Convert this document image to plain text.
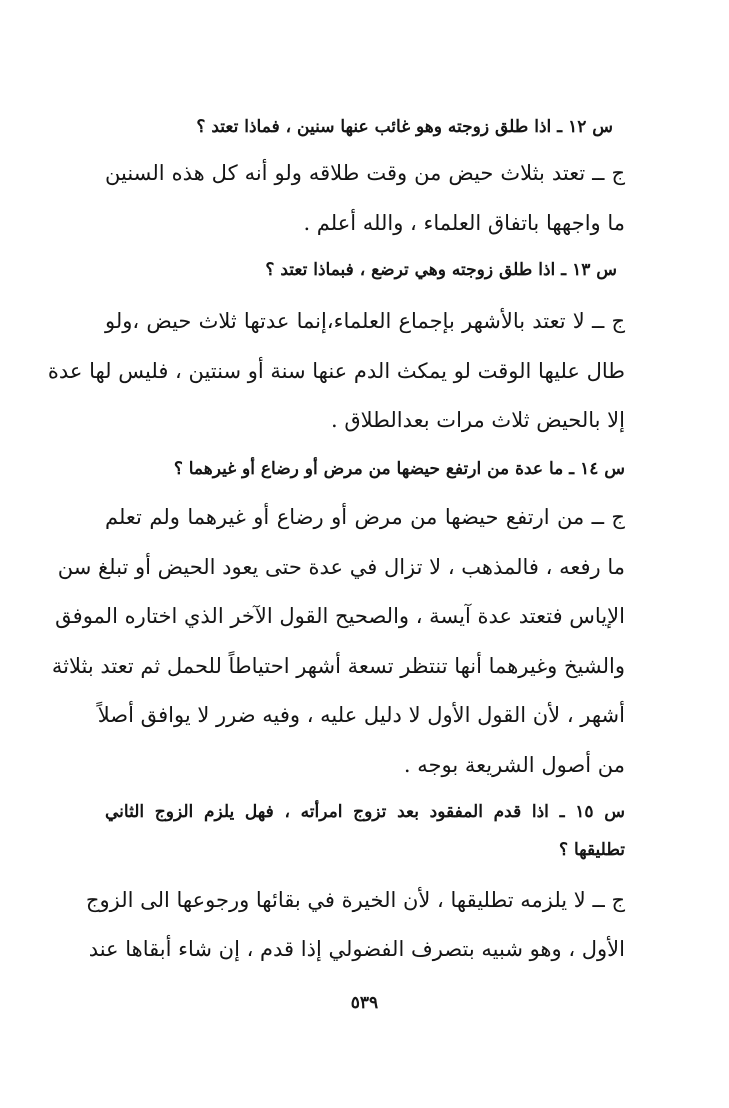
س ١٢ ـ اذا طلق زوجته وهو غائب عنها سنين ، فماذا تعتد ؟
ج ــ تعتد بثلاث حيض من وقت طلاقه ولو أنه كل هذه السنين
ما واجهها باتفاق العلماء ، والله أعلم .
س ١٣ ـ اذا طلق زوجته وهي ترضع ، فبماذا تعتد ؟
ج ــ لا تعتد بالأشهر بإجماع العلماء،إنما عدتها ثلاث حيض ،ولو
طال عليها الوقت لو يمكث الدم عنها سنة أو سنتين ، فليس لها عدة
إلا بالحيض ثلاث مرات بعدالطلاق .
س ١٤ ـ ما عدة من ارتفع حيضها من مرض أو رضاع أو غيرهما ؟
ج ــ من ارتفع حيضها من مرض أو رضاع أو غيرهما ولم تعلم
ما رفعه ، فالمذهب ، لا تزال في عدة حتى يعود الحيض أو تبلغ سن
الإياس فتعتد عدة آيسة ، والصحيح القول الآخر الذي اختاره الموفق
والشيخ وغيرهما أنها تنتظر تسعة أشهر احتياطاً للحمل ثم تعتد بثلاثة
أشهر ، لأن القول الأول لا دليل عليه ، وفيه ضرر لا يوافق أصلاً
من أصول الشريعة بوجه .
س ١٥ ـ اذا قدم المفقود بعد تزوج امرأته ، فهل يلزم الزوج الثاني
تطليقها ؟
ج ــ لا يلزمه تطليقها ، لأن الخيرة في بقائها ورجوعها الى الزوج
الأول ، وهو شبيه بتصرف الفضولي إذا قدم ، إن شاء أبقاها عند
٥٣٩
